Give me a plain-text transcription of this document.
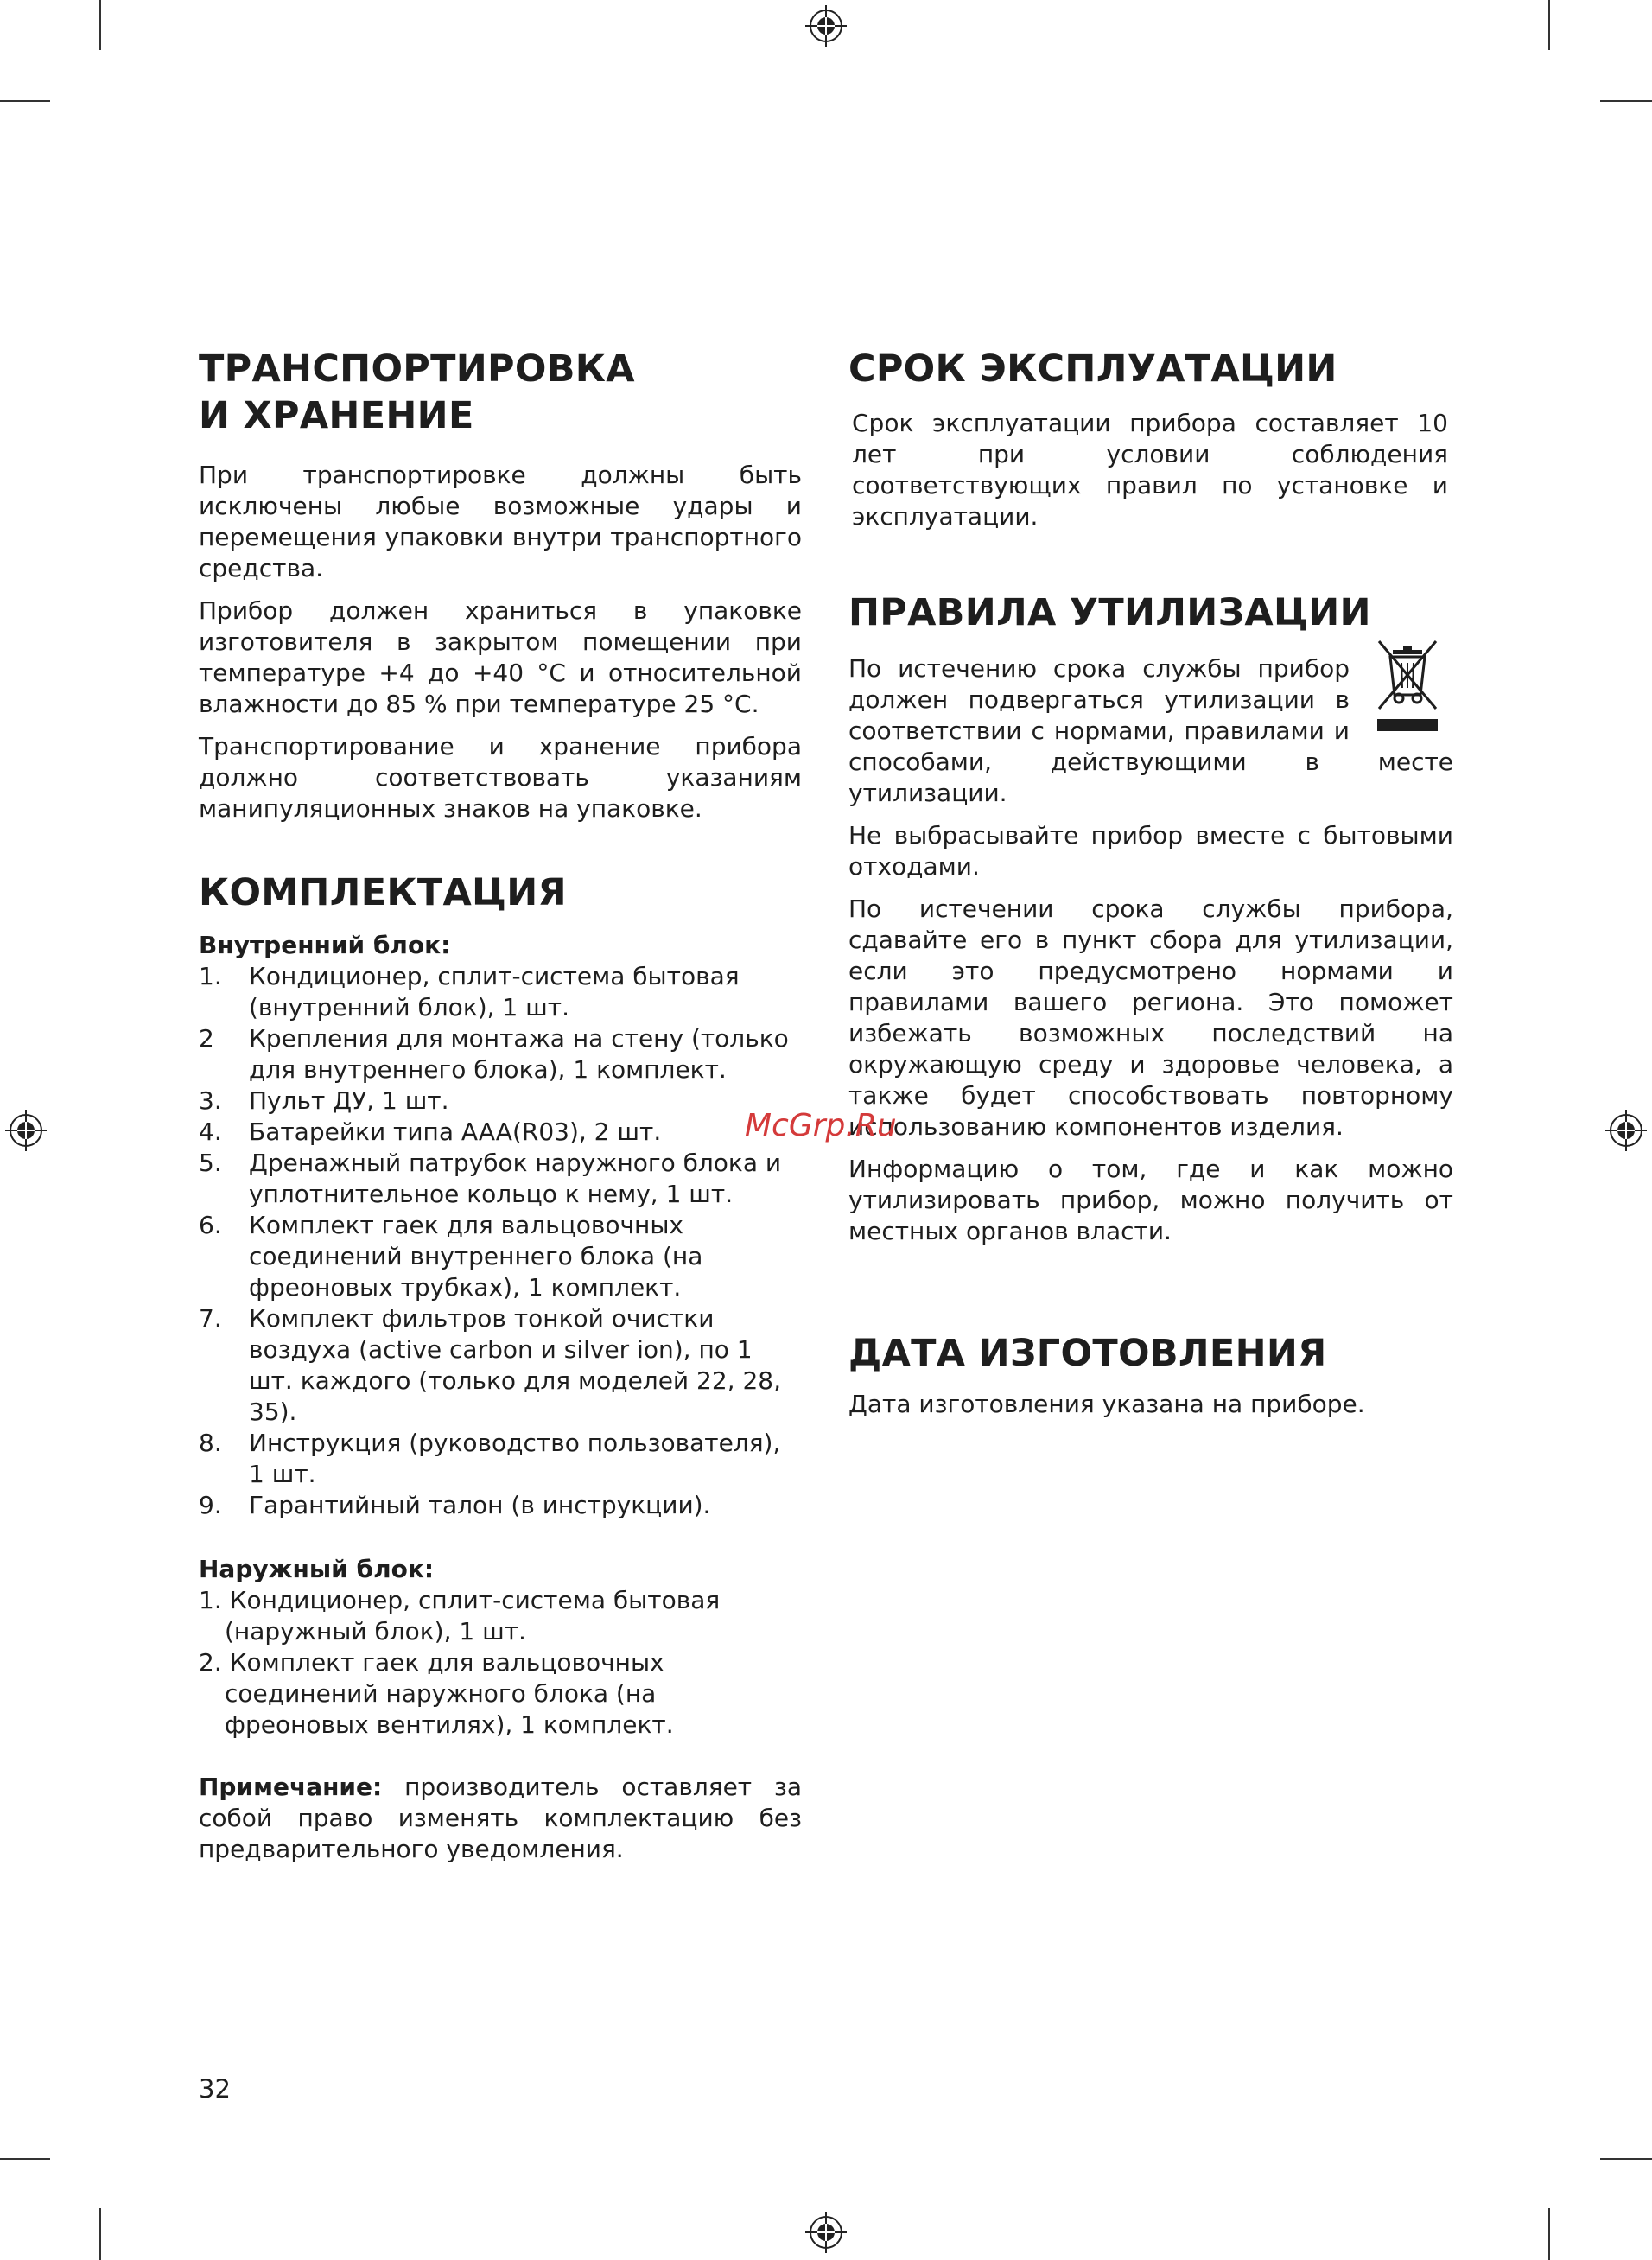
ТРАНСПОРТИРОВКА
И ХРАНЕНИЕ

При транспортировке должны быть исключены любые возможные удары и перемещения упаковки внутри транспортного средства.

Прибор должен храниться в упаковке изготовителя в закрытом помещении при температуре +4 до +40 °С и относительной влажности до 85 % при температуре 25 °С.

Транспортирование и хранение прибора должно соответствовать указаниям манипуляционных знаков на упаковке.

КОМПЛЕКТАЦИЯ
Внутренний блок:
1.	Кондиционер, сплит-система бытовая (внутренний блок), 1 шт.
2	Крепления для монтажа на стену (только для внутреннего блока), 1 комплект.
3.	Пульт ДУ, 1 шт.
4.	Батарейки типа AAA(R03), 2 шт.
5.	Дренажный патрубок наружного блока и уплотнительное кольцо к нему, 1 шт.
6.	Комплект гаек для вальцовочных соединений внутреннего блока (на фреоновых трубках), 1 комплект.
7.	Комплект фильтров тонкой очистки воздуха (active carbon и silver ion), по 1 шт. каждого (только для моделей 22, 28, 35).
8.	Инструкция (руководство пользователя), 1 шт.
9.	Гарантийный талон (в инструкции).
Наружный блок:
1. Кондиционер, сплит-система бытовая (наружный блок), 1 шт.
2. Комплект гаек для вальцовочных соединений наружного блока (на фреоновых вентилях), 1 комплект.

Примечание: производитель оставляет за собой право изменять комплектацию без предварительного уведомления.

СРОК ЭКСПЛУАТАЦИИ

Срок эксплуатации прибора составляет 10 лет при условии соблюдения соответствующих правил по установке и эксплуатации.

ПРАВИЛА УТИЛИЗАЦИИ

По истечению срока службы прибор должен подвергаться утилизации в соответствии с нормами, правилами и способами, действующими в месте утилизации.

Не выбрасывайте прибор вместе с бытовыми отходами.

По истечении срока службы прибора, сдавайте его в пункт сбора для утилизации, если это предусмотрено нормами и правилами вашего региона. Это поможет избежать возможных последствий на окружающую среду и здоровье человека, а также будет способствовать повторному использованию компонентов изделия.

Информацию о том, где и как можно утилизировать прибор, можно получить от местных органов власти.

ДАТА ИЗГОТОВЛЕНИЯ

Дата изготовления указана на приборе.

McGrp.Ru
32
